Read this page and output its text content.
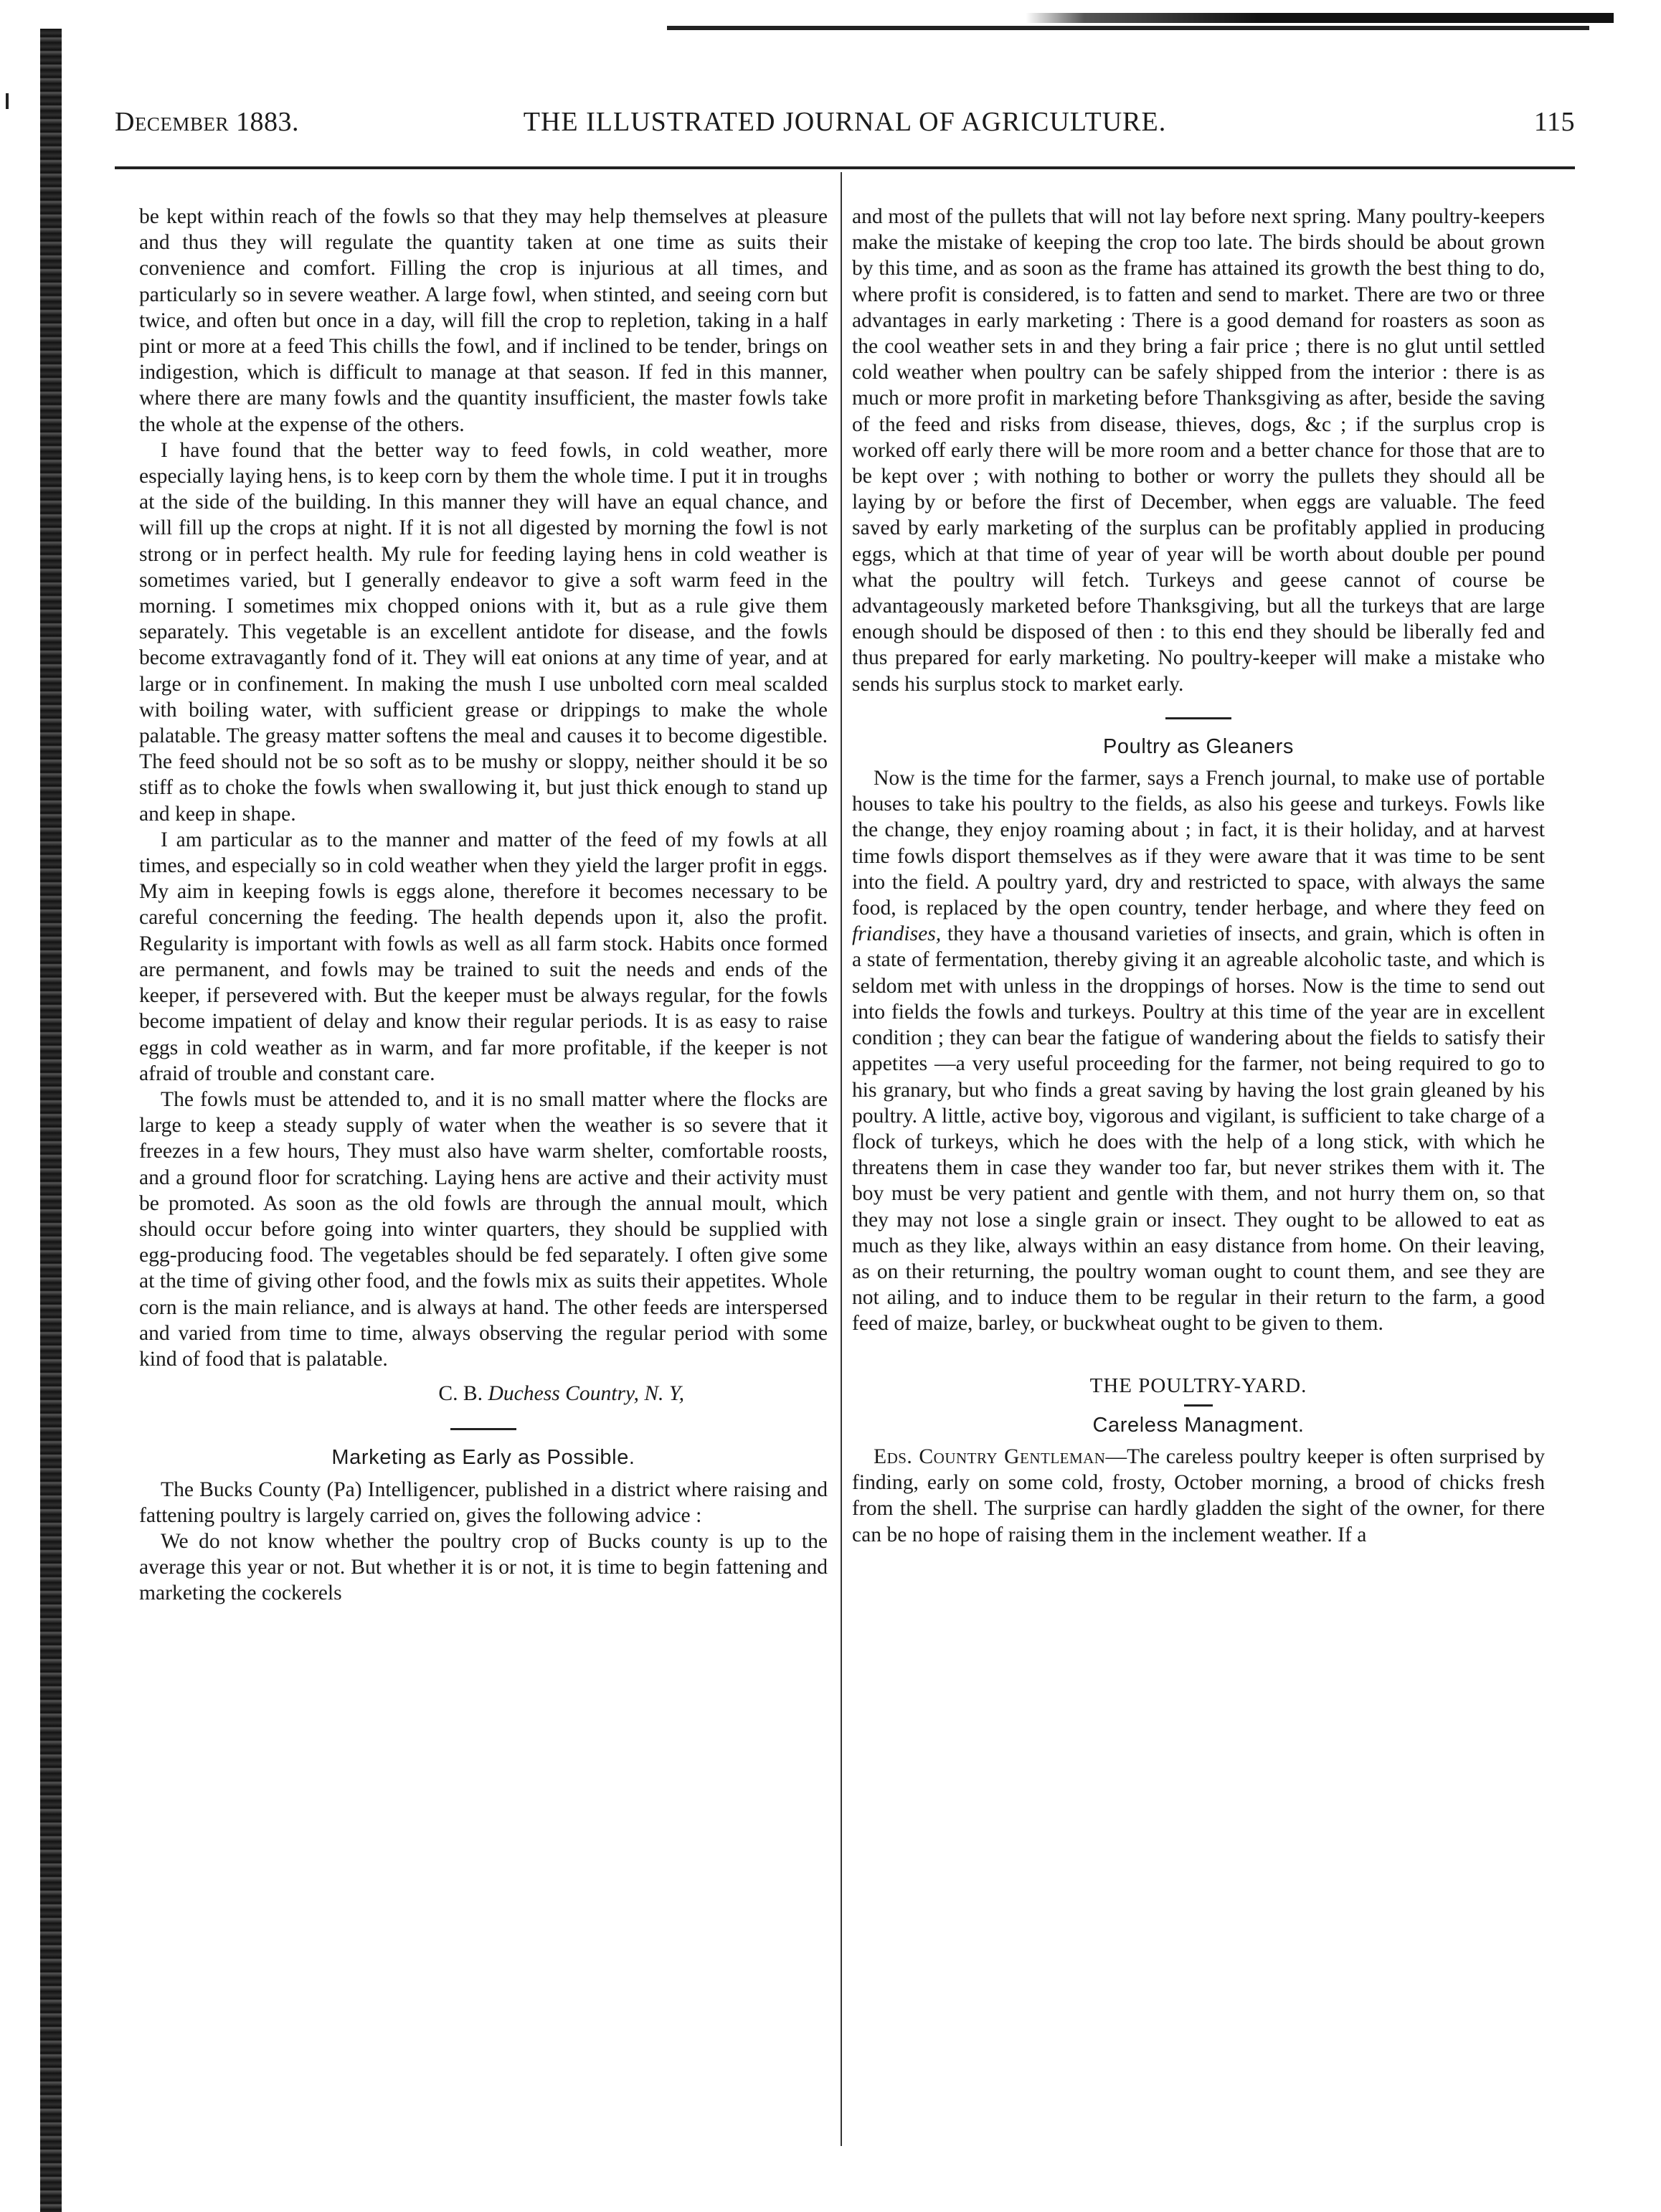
December 1883.	THE ILLUSTRATED JOURNAL OF AGRICULTURE.	115

be kept within reach of the fowls so that they may help themselves at pleasure and thus they will regulate the quantity taken at one time as suits their convenience and comfort. Filling the crop is injurious at all times, and particularly so in severe weather. A large fowl, when stinted, and seeing corn but twice, and often but once in a day, will fill the crop to repletion, taking in a half pint or more at a feed This chills the fowl, and if inclined to be tender, brings on indigestion, which is difficult to manage at that season. If fed in this manner, where there are many fowls and the quantity insufficient, the master fowls take the whole at the expense of the others.

I have found that the better way to feed fowls, in cold weather, more especially laying hens, is to keep corn by them the whole time. I put it in troughs at the side of the building. In this manner they will have an equal chance, and will fill up the crops at night. If it is not all digested by morning the fowl is not strong or in perfect health. My rule for feeding laying hens in cold weather is sometimes varied, but I generally endeavor to give a soft warm feed in the morning. I sometimes mix chopped onions with it, but as a rule give them separately. This vegetable is an excellent antidote for disease, and the fowls become extravagantly fond of it. They will eat onions at any time of year, and at large or in confinement. In making the mush I use unbolted corn meal scalded with boiling water, with sufficient grease or drippings to make the whole palatable. The greasy matter softens the meal and causes it to become digestible. The feed should not be so soft as to be mushy or sloppy, neither should it be so stiff as to choke the fowls when swallowing it, but just thick enough to stand up and keep in shape.

I am particular as to the manner and matter of the feed of my fowls at all times, and especially so in cold weather when they yield the larger profit in eggs. My aim in keeping fowls is eggs alone, therefore it becomes necessary to be careful concerning the feeding. The health depends upon it, also the profit. Regularity is important with fowls as well as all farm stock. Habits once formed are permanent, and fowls may be trained to suit the needs and ends of the keeper, if persevered with. But the keeper must be always regular, for the fowls become impatient of delay and know their regular periods. It is as easy to raise eggs in cold weather as in warm, and far more profitable, if the keeper is not afraid of trouble and constant care.

The fowls must be attended to, and it is no small matter where the flocks are large to keep a steady supply of water when the weather is so severe that it freezes in a few hours, They must also have warm shelter, comfortable roosts, and a ground floor for scratching. Laying hens are active and their activity must be promoted. As soon as the old fowls are through the annual moult, which should occur before going into winter quarters, they should be supplied with egg-producing food. The vegetables should be fed separately. I often give some at the time of giving other food, and the fowls mix as suits their appetites. Whole corn is the main reliance, and is always at hand. The other feeds are interspersed and varied from time to time, always observing the regular period with some kind of food that is palatable.

C. B. Duchess Country, N. Y,
Marketing as Early as Possible.

The Bucks County (Pa) Intelligencer, published in a district where raising and fattening poultry is largely carried on, gives the following advice :

We do not know whether the poultry crop of Bucks county is up to the average this year or not. But whether it is or not, it is time to begin fattening and marketing the cockerels

and most of the pullets that will not lay before next spring. Many poultry-keepers make the mistake of keeping the crop too late. The birds should be about grown by this time, and as soon as the frame has attained its growth the best thing to do, where profit is considered, is to fatten and send to market. There are two or three advantages in early marketing : There is a good demand for roasters as soon as the cool weather sets in and they bring a fair price ; there is no glut until settled cold weather when poultry can be safely shipped from the interior : there is as much or more profit in marketing before Thanksgiving as after, beside the saving of the feed and risks from disease, thieves, dogs, &c ; if the surplus crop is worked off early there will be more room and a better chance for those that are to be kept over ; with nothing to bother or worry the pullets they should all be laying by or before the first of December, when eggs are valuable. The feed saved by early marketing of the surplus can be profitably applied in producing eggs, which at that time of year of year will be worth about double per pound what the poultry will fetch. Turkeys and geese cannot of course be advantageously marketed before Thanksgiving, but all the turkeys that are large enough should be disposed of then : to this end they should be liberally fed and thus prepared for early marketing. No poultry-keeper will make a mistake who sends his surplus stock to market early.

Poultry as Gleaners

Now is the time for the farmer, says a French journal, to make use of portable houses to take his poultry to the fields, as also his geese and turkeys. Fowls like the change, they enjoy roaming about ; in fact, it is their holiday, and at harvest time fowls disport themselves as if they were aware that it was time to be sent into the field. A poultry yard, dry and restricted to space, with always the same food, is replaced by the open country, tender herbage, and where they feed on friandises, they have a thousand varieties of insects, and grain, which is often in a state of fermentation, thereby giving it an agreable alcoholic taste, and which is seldom met with unless in the droppings of horses. Now is the time to send out into fields the fowls and turkeys. Poultry at this time of the year are in excellent condition ; they can bear the fatigue of wandering about the fields to satisfy their appetites —a very useful proceeding for the farmer, not being required to go to his granary, but who finds a great saving by having the lost grain gleaned by his poultry. A little, active boy, vigorous and vigilant, is sufficient to take charge of a flock of turkeys, which he does with the help of a long stick, with which he threatens them in case they wander too far, but never strikes them with it. The boy must be very patient and gentle with them, and not hurry them on, so that they may not lose a single grain or insect. They ought to be allowed to eat as much as they like, always within an easy distance from home. On their leaving, as on their returning, the poultry woman ought to count them, and see they are not ailing, and to induce them to be regular in their return to the farm, a good feed of maize, barley, or buckwheat ought to be given to them.

THE POULTRY-YARD.
Careless Managment.

Eds. Country Gentleman—The careless poultry keeper is often surprised by finding, early on some cold, frosty, October morning, a brood of chicks fresh from the shell. The surprise can hardly gladden the sight of the owner, for there can be no hope of raising them in the inclement weather. If a
